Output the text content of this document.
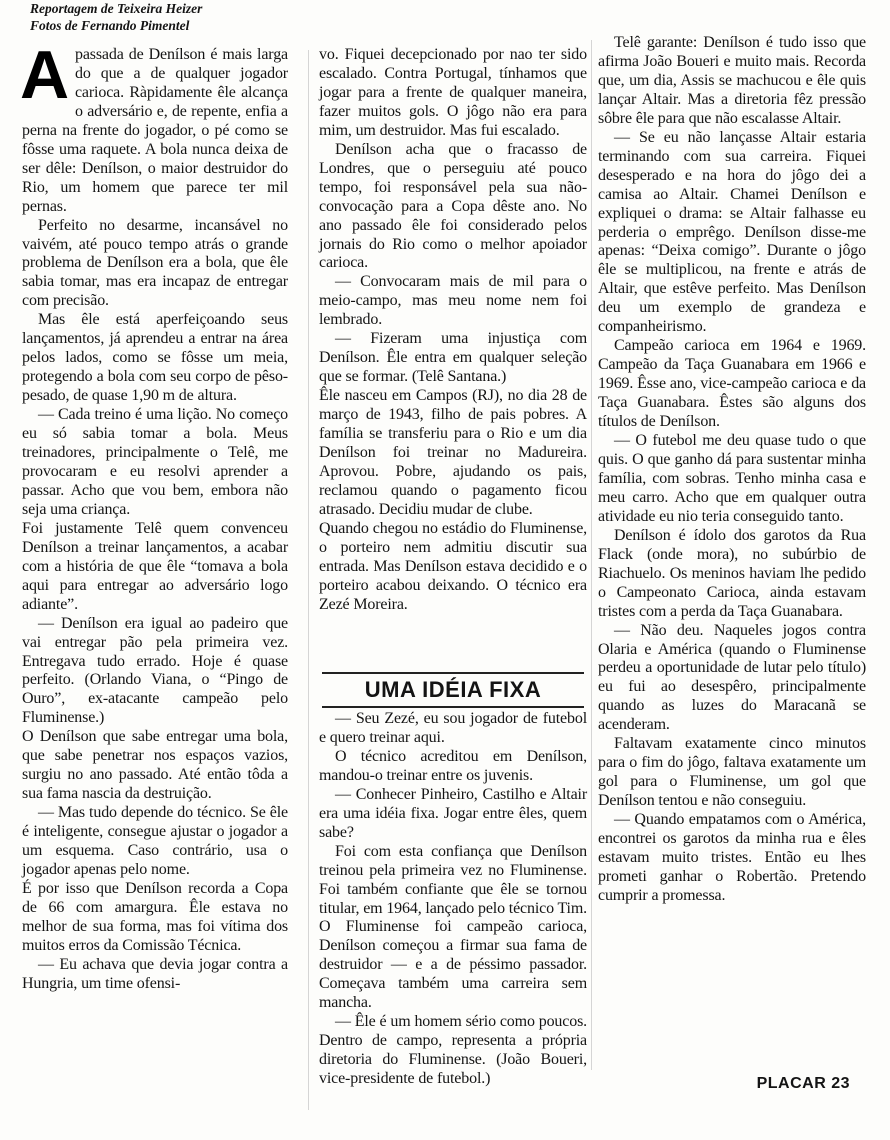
Reportagem de Teixeira Heizer
Fotos de Fernando Pimentel

Apassada de Denílson é mais larga do que a de qualquer jogador carioca. Ràpidamente êle alcança o adversário e, de repente, enfia a perna na frente do jogador, o pé como se fôsse uma raquete. A bola nunca deixa de ser dêle: Denílson, o maior destruidor do Rio, um homem que parece ter mil pernas.

Perfeito no desarme, incansável no vaivém, até pouco tempo atrás o grande problema de Denílson era a bola, que êle sabia tomar, mas era incapaz de entregar com precisão.

Mas êle está aperfeiçoando seus lançamentos, já aprendeu a entrar na área pelos lados, como se fôsse um meia, protegendo a bola com seu corpo de pêso-pesado, de quase 1,90 m de altura.

— Cada treino é uma lição. No começo eu só sabia tomar a bola. Meus treinadores, principalmente o Telê, me provocaram e eu resolvi aprender a passar. Acho que vou bem, embora não seja uma criança.

Foi justamente Telê quem convenceu Denílson a treinar lançamentos, a acabar com a história de que êle “tomava a bola aqui para entregar ao adversário logo adiante”.

— Denílson era igual ao padeiro que vai entregar pão pela primeira vez. Entregava tudo errado. Hoje é quase perfeito. (Orlando Viana, o “Pingo de Ouro”, ex-atacante campeão pelo Fluminense.)

O Denílson que sabe entregar uma bola, que sabe penetrar nos espaços vazios, surgiu no ano passado. Até então tôda a sua fama nascia da destruição.

— Mas tudo depende do técnico. Se êle é inteligente, consegue ajustar o jogador a um esquema. Caso contrário, usa o jogador apenas pelo nome.

É por isso que Denílson recorda a Copa de 66 com amargura. Êle estava no melhor de sua forma, mas foi vítima dos muitos erros da Comissão Técnica.

— Eu achava que devia jogar contra a Hungria, um time ofensi-

vo. Fiquei decepcionado por nao ter sido escalado. Contra Portugal, tínhamos que jogar para a frente de qualquer maneira, fazer muitos gols. O jôgo não era para mim, um destruidor. Mas fui escalado.

Denílson acha que o fracasso de Londres, que o perseguiu até pouco tempo, foi responsável pela sua não-convocação para a Copa dêste ano. No ano passado êle foi considerado pelos jornais do Rio como o melhor apoiador carioca.

— Convocaram mais de mil para o meio-campo, mas meu nome nem foi lembrado.

— Fizeram uma injustiça com Denílson. Êle entra em qualquer seleção que se formar. (Telê Santana.)

Êle nasceu em Campos (RJ), no dia 28 de março de 1943, filho de pais pobres. A família se transferiu para o Rio e um dia Denílson foi treinar no Madureira. Aprovou. Pobre, ajudando os pais, reclamou quando o pagamento ficou atrasado. Decidiu mudar de clube.

Quando chegou no estádio do Fluminense, o porteiro nem admitiu discutir sua entrada. Mas Denílson estava decidido e o porteiro acabou deixando. O técnico era Zezé Moreira.

UMA IDÉIA FIXA

— Seu Zezé, eu sou jogador de futebol e quero treinar aqui.

O técnico acreditou em Denílson, mandou-o treinar entre os juvenis.

— Conhecer Pinheiro, Castilho e Altair era uma idéia fixa. Jogar entre êles, quem sabe?

Foi com esta confiança que Denílson treinou pela primeira vez no Fluminense. Foi também confiante que êle se tornou titular, em 1964, lançado pelo técnico Tim. O Fluminense foi campeão carioca, Denílson começou a firmar sua fama de destruidor — e a de péssimo passador. Começava também uma carreira sem mancha.

— Êle é um homem sério como poucos. Dentro de campo, representa a própria diretoria do Fluminense. (João Boueri, vice-presidente de futebol.)

Telê garante: Denílson é tudo isso que afirma João Boueri e muito mais. Recorda que, um dia, Assis se machucou e êle quis lançar Altair. Mas a diretoria fêz pressão sôbre êle para que não escalasse Altair.

— Se eu não lançasse Altair estaria terminando com sua carreira. Fiquei desesperado e na hora do jôgo dei a camisa ao Altair. Chamei Denílson e expliquei o drama: se Altair falhasse eu perderia o emprêgo. Denílson disse-me apenas: “Deixa comigo”. Durante o jôgo êle se multiplicou, na frente e atrás de Altair, que estêve perfeito. Mas Denílson deu um exemplo de grandeza e companheirismo.

Campeão carioca em 1964 e 1969. Campeão da Taça Guanabara em 1966 e 1969. Êsse ano, vice-campeão carioca e da Taça Guanabara. Êstes são alguns dos títulos de Denílson.

— O futebol me deu quase tudo o que quis. O que ganho dá para sustentar minha família, com sobras. Tenho minha casa e meu carro. Acho que em qualquer outra atividade eu nio teria conseguido tanto.

Denílson é ídolo dos garotos da Rua Flack (onde mora), no subúrbio de Riachuelo. Os meninos haviam lhe pedido o Campeonato Carioca, ainda estavam tristes com a perda da Taça Guanabara.

— Não deu. Naqueles jogos contra Olaria e América (quando o Fluminense perdeu a oportunidade de lutar pelo título) eu fui ao desespêro, principalmente quando as luzes do Maracanã se acenderam.

Faltavam exatamente cinco minutos para o fim do jôgo, faltava exatamente um gol para o Fluminense, um gol que Denílson tentou e não conseguiu.

— Quando empatamos com o América, encontrei os garotos da minha rua e êles estavam muito tristes. Então eu lhes prometi ganhar o Robertão. Pretendo cumprir a promessa.

PLACAR 23
